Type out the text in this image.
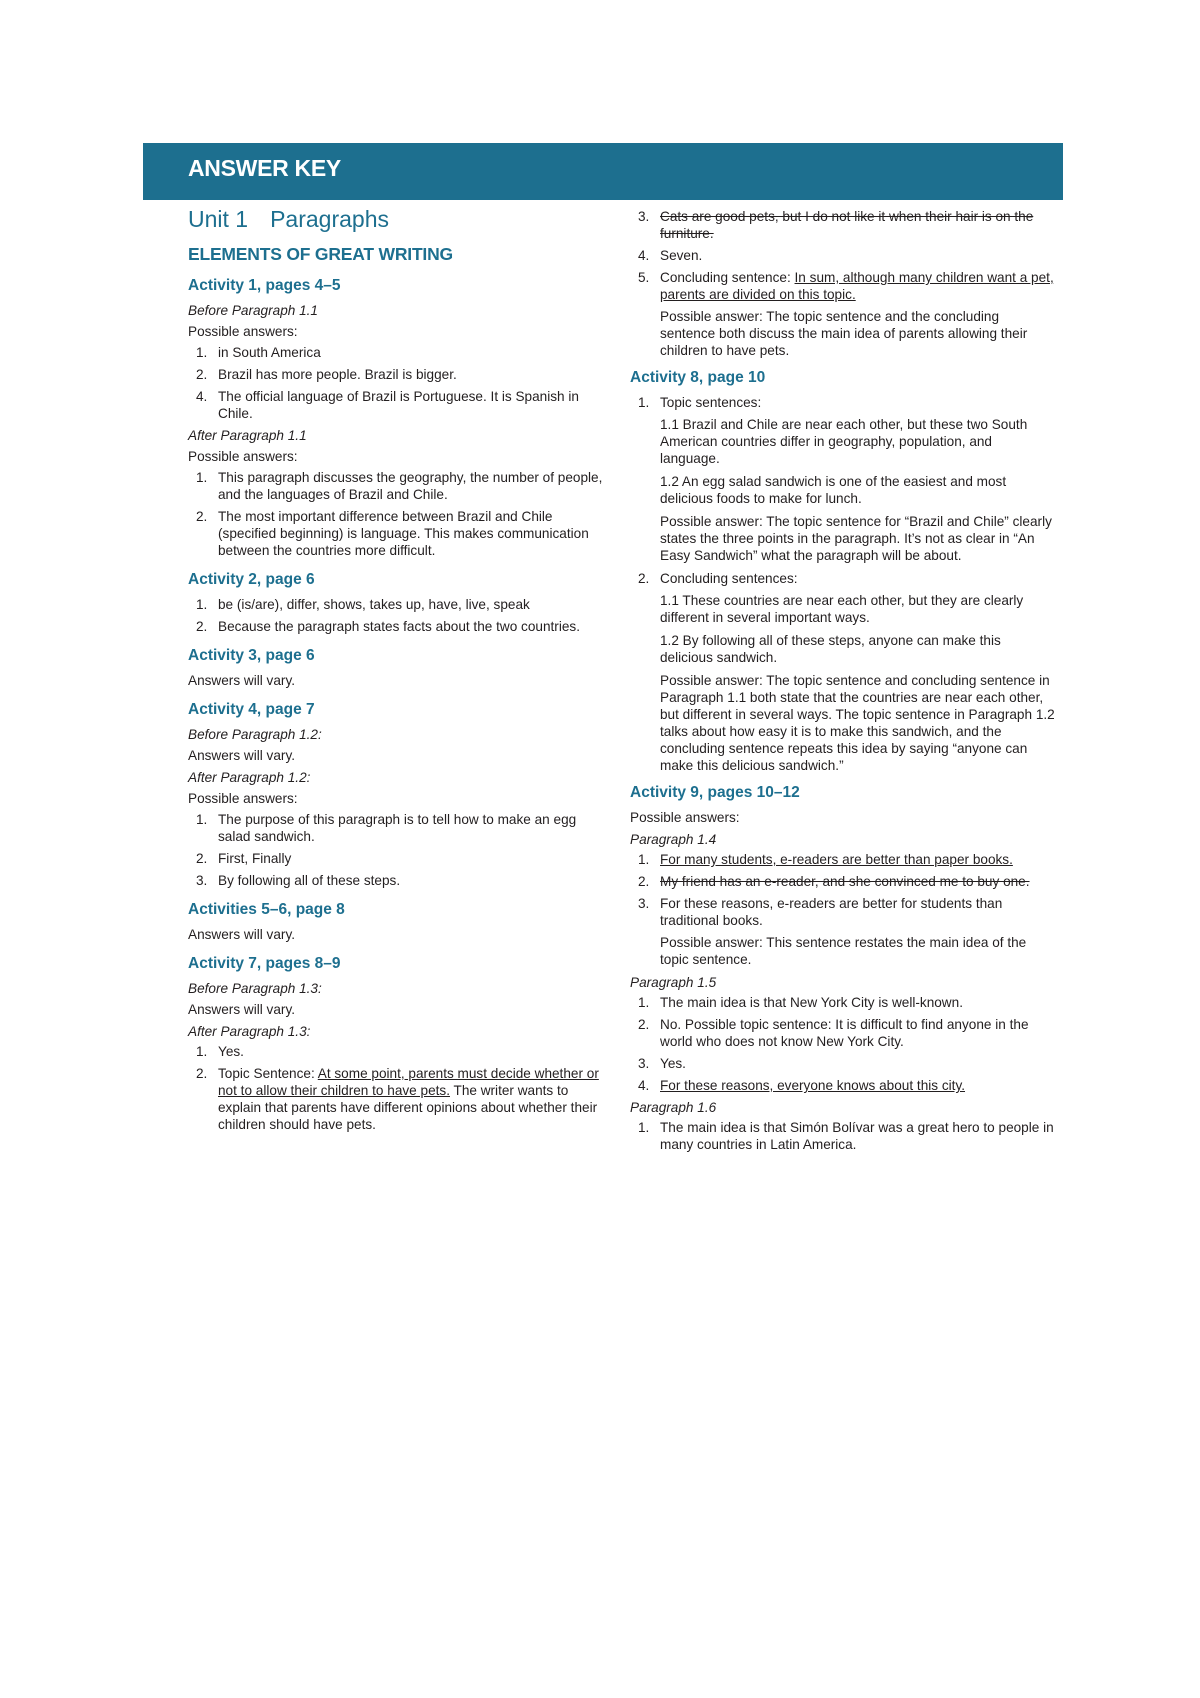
ANSWER KEY
Unit 1 Paragraphs
ELEMENTS OF GREAT WRITING
Activity 1, pages 4–5
Before Paragraph 1.1
Possible answers:
1. in South America
2. Brazil has more people. Brazil is bigger.
4. The official language of Brazil is Portuguese. It is Spanish in Chile.
After Paragraph 1.1
Possible answers:
1. This paragraph discusses the geography, the number of people, and the languages of Brazil and Chile.
2. The most important difference between Brazil and Chile (specified beginning) is language. This makes communication between the countries more difficult.
Activity 2, page 6
1. be (is/are), differ, shows, takes up, have, live, speak
2. Because the paragraph states facts about the two countries.
Activity 3, page 6
Answers will vary.
Activity 4, page 7
Before Paragraph 1.2:
Answers will vary.
After Paragraph 1.2:
Possible answers:
1. The purpose of this paragraph is to tell how to make an egg salad sandwich.
2. First, Finally
3. By following all of these steps.
Activities 5–6, page 8
Answers will vary.
Activity 7, pages 8–9
Before Paragraph 1.3:
Answers will vary.
After Paragraph 1.3:
1. Yes.
2. Topic Sentence: At some point, parents must decide whether or not to allow their children to have pets. The writer wants to explain that parents have different opinions about whether their children should have pets.
3. Cats are good pets, but I do not like it when their hair is on the furniture.
4. Seven.
5. Concluding sentence: In sum, although many children want a pet, parents are divided on this topic.
Possible answer: The topic sentence and the concluding sentence both discuss the main idea of parents allowing their children to have pets.
Activity 8, page 10
1. Topic sentences:
1.1 Brazil and Chile are near each other, but these two South American countries differ in geography, population, and language.
1.2 An egg salad sandwich is one of the easiest and most delicious foods to make for lunch.
Possible answer: The topic sentence for “Brazil and Chile” clearly states the three points in the paragraph. It’s not as clear in “An Easy Sandwich” what the paragraph will be about.
2. Concluding sentences:
1.1 These countries are near each other, but they are clearly different in several important ways.
1.2 By following all of these steps, anyone can make this delicious sandwich.
Possible answer: The topic sentence and concluding sentence in Paragraph 1.1 both state that the countries are near each other, but different in several ways. The topic sentence in Paragraph 1.2 talks about how easy it is to make this sandwich, and the concluding sentence repeats this idea by saying “anyone can make this delicious sandwich.”
Activity 9, pages 10–12
Possible answers:
Paragraph 1.4
1. For many students, e-readers are better than paper books.
2. My friend has an e-reader, and she convinced me to buy one.
3. For these reasons, e-readers are better for students than traditional books.
Possible answer: This sentence restates the main idea of the topic sentence.
Paragraph 1.5
1. The main idea is that New York City is well-known.
2. No. Possible topic sentence: It is difficult to find anyone in the world who does not know New York City.
3. Yes.
4. For these reasons, everyone knows about this city.
Paragraph 1.6
1. The main idea is that Simón Bolívar was a great hero to people in many countries in Latin America.
